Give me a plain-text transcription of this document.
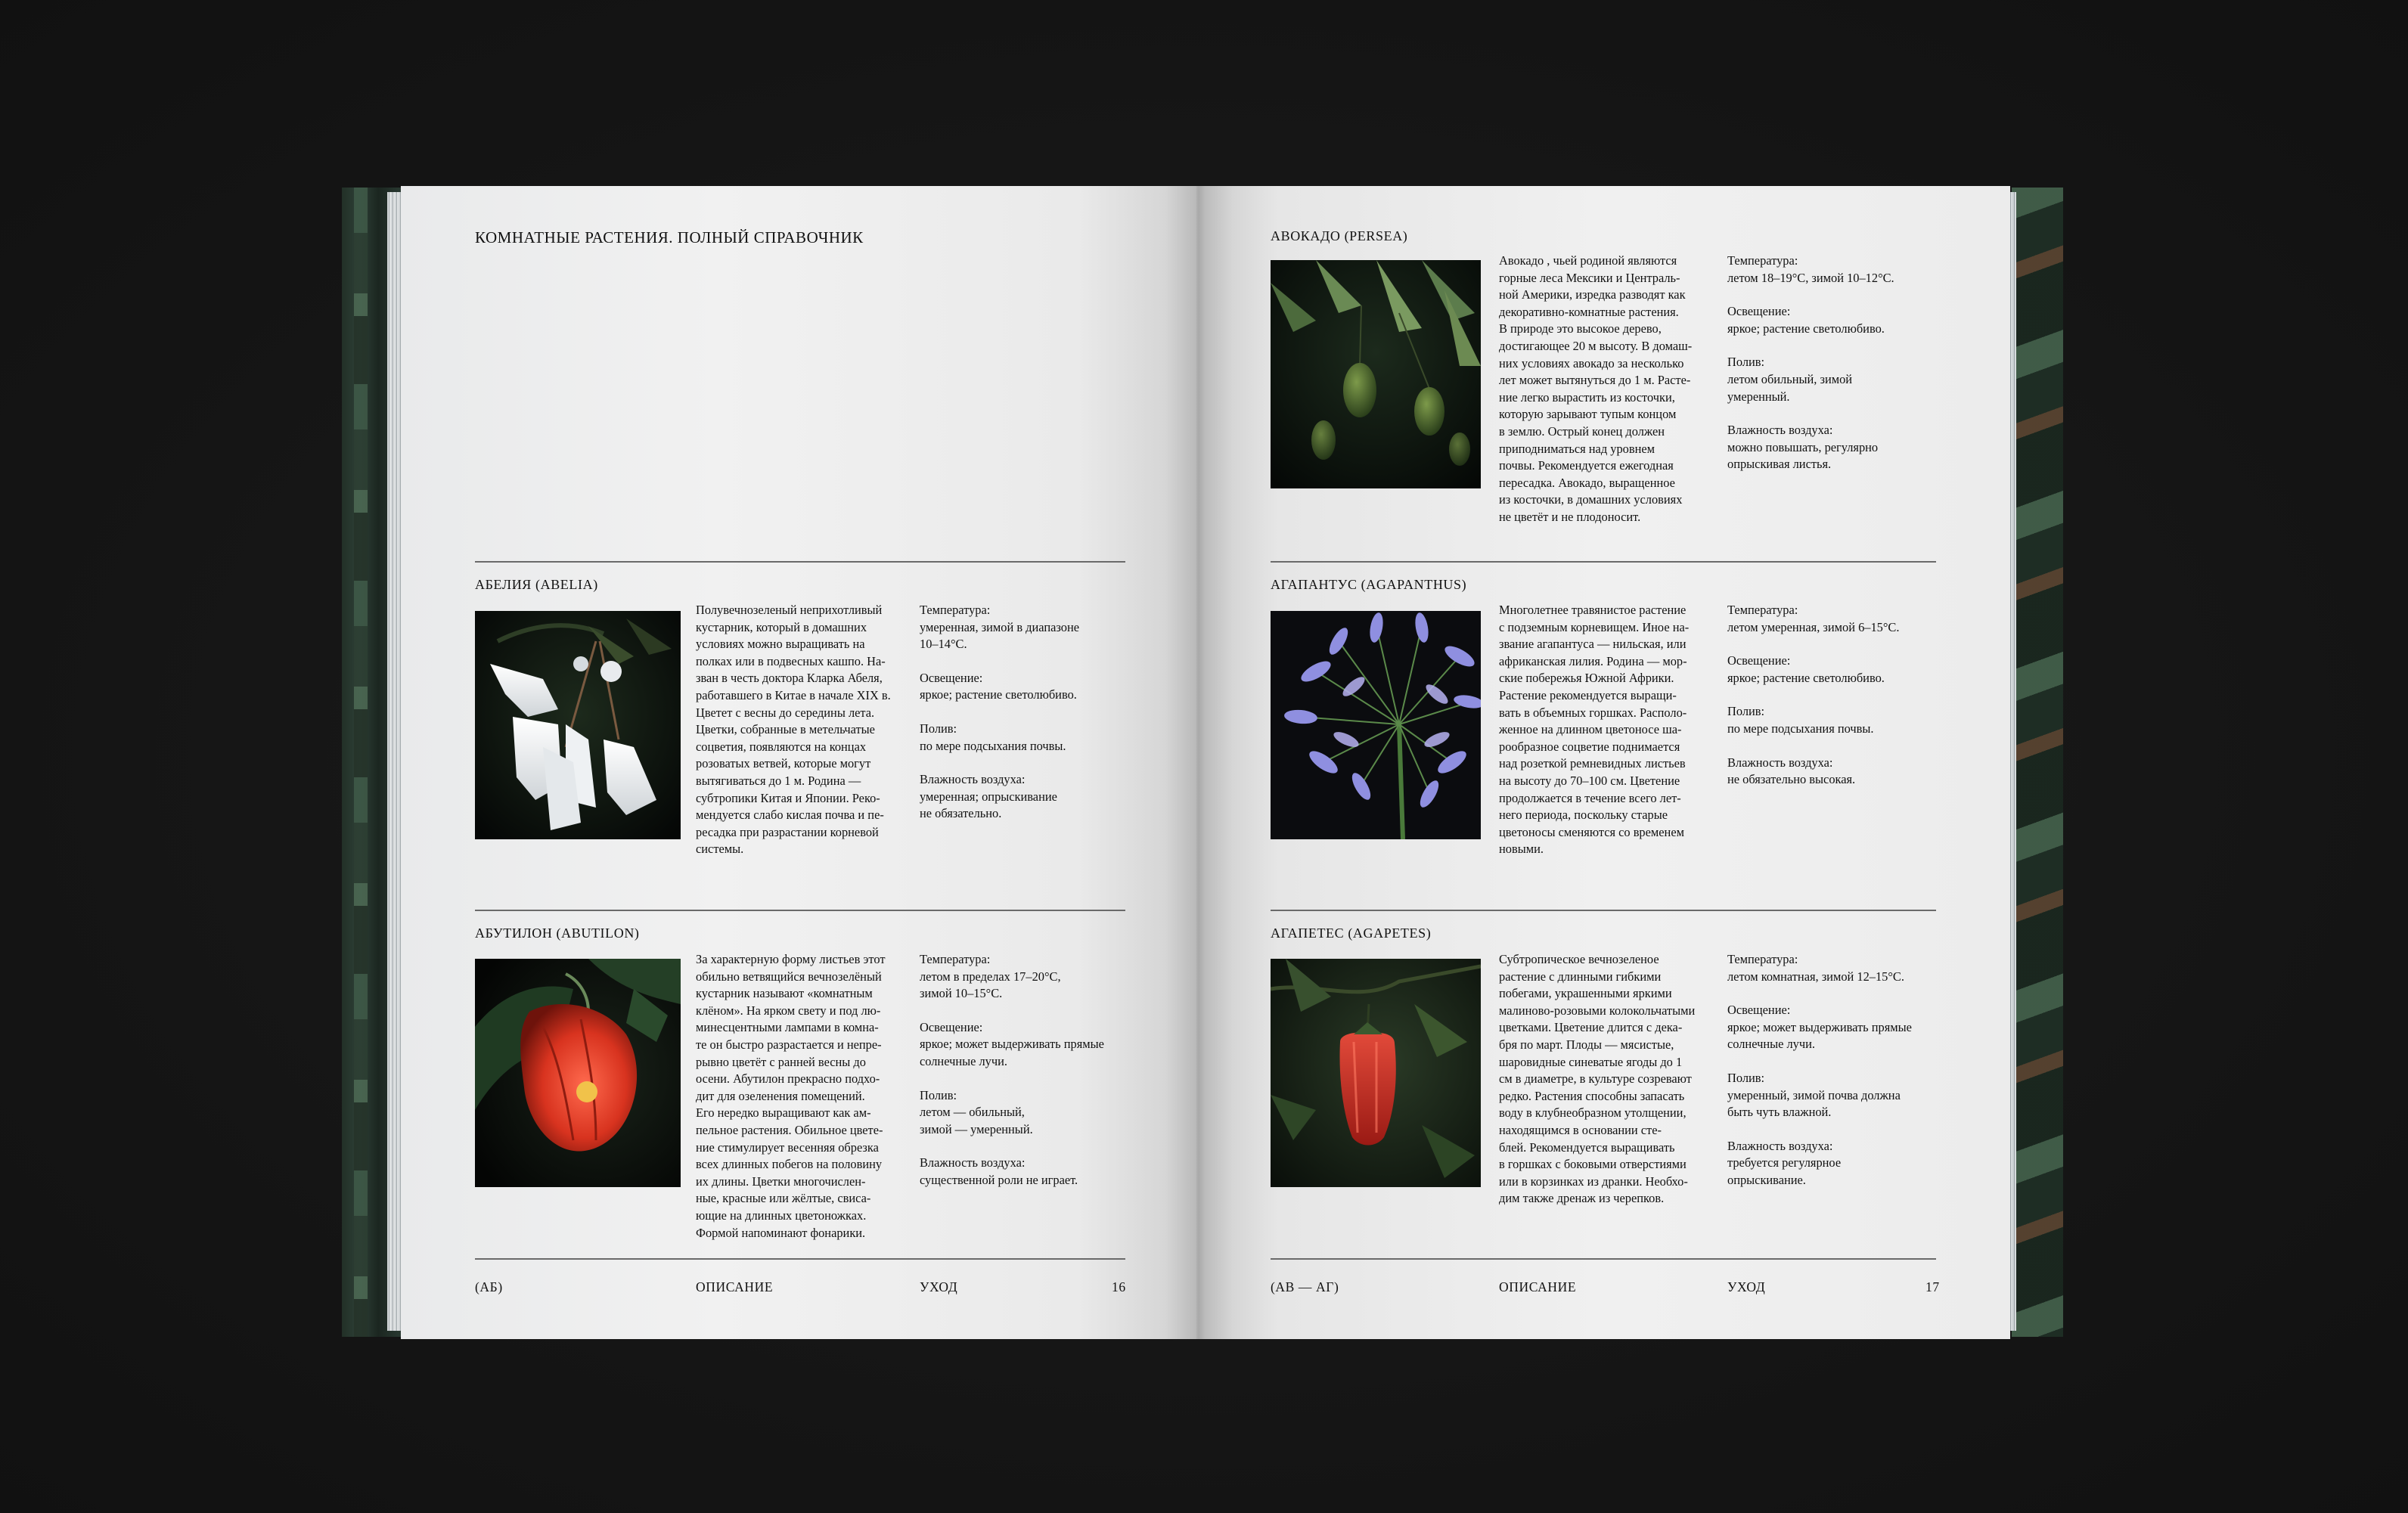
КОМНАТНЫЕ РАСТЕНИЯ. ПОЛНЫЙ СПРАВОЧНИК
АБЕЛИЯ (ABELIA)
Полувечнозеленый неприхотливый
кустарник, который в домашних
условиях можно выращивать на
полках или в подвесных кашпо. На-
зван в честь доктора Кларка Абеля,
работавшего в Китае в начале XIX в.
Цветет с весны до середины лета.
Цветки, собранные в метельчатые
соцветия, появляются на концах
розоватых ветвей, которые могут
вытягиваться до 1 м. Родина —
субтропики Китая и Японии. Реко-
мендуется слабо кислая почва и пе-
ресадка при разрастании корневой
системы.
Температура:
умеренная, зимой в диапазоне
10–14°С.
Освещение:
яркое; растение светолюбиво.
Полив:
по мере подсыхания почвы.
Влажность воздуха:
умеренная; опрыскивание
не обязательно.
АБУТИЛОН (ABUTILON)
За характерную форму листьев этот
обильно ветвящийся вечнозелёный
кустарник называют «комнатным
клёном». На ярком свету и под лю-
минесцентными лампами в комна-
те он быстро разрастается и непре-
рывно цветёт с ранней весны до
осени. Абутилон прекрасно подхо-
дит для озеленения помещений.
Его нередко выращивают как ам-
пельное растения. Обильное цвете-
ние стимулирует весенняя обрезка
всех длинных побегов на половину
их длины. Цветки многочислен-
ные, красные или жёлтые, свиса-
ющие на длинных цветоножках.
Формой напоминают фонарики.
Температура:
летом в пределах 17–20°С,
зимой 10–15°С.
Освещение:
яркое; может выдерживать прямые
солнечные лучи.
Полив:
летом — обильный,
зимой — умеренный.
Влажность воздуха:
существенной роли не играет.
(АБ)	ОПИСАНИЕ	УХОД	16
АВОКАДО (PERSEA)
Авокадо , чьей родиной являются
горные леса Мексики и Централь-
ной Америки, изредка разводят как
декоративно-комнатные растения.
В природе это высокое дерево,
достигающее 20 м высоту. В домаш-
них условиях авокадо за несколько
лет может вытянуться до 1 м. Расте-
ние легко вырастить из косточки,
которую зарывают тупым концом
в землю. Острый конец должен
приподниматься над уровнем
почвы. Рекомендуется ежегодная
пересадка. Авокадо, выращенное
из косточки, в домашних условиях
не цветёт и не плодоносит.
Температура:
летом 18–19°С, зимой 10–12°С.
Освещение:
яркое; растение светолюбиво.
Полив:
летом обильный, зимой
умеренный.
Влажность воздуха:
можно повышать, регулярно
опрыскивая листья.
АГАПАНТУС (AGAPANTHUS)
Многолетнее травянистое растение
с подземным корневищем. Иное на-
звание агапантуса — нильская, или
африканская лилия. Родина — мор-
ские побережья Южной Африки.
Растение рекомендуется выращи-
вать в объемных горшках. Располо-
женное на длинном цветоносе ша-
рообразное соцветие поднимается
над розеткой ремневидных листьев
на высоту до 70–100 см. Цветение
продолжается в течение всего лет-
него периода, поскольку старые
цветоносы сменяются со временем
новыми.
Температура:
летом умеренная, зимой 6–15°С.
Освещение:
яркое; растение светолюбиво.
Полив:
по мере подсыхания почвы.
Влажность воздуха:
не обязательно высокая.
АГАПЕТЕС (AGAPETES)
Субтропическое вечнозеленое
растение с длинными гибкими
побегами, украшенными яркими
малиново-розовыми колокольчатыми
цветками. Цветение длится с дека-
бря по март. Плоды — мясистые,
шаровидные синеватые ягоды до 1
см в диаметре, в культуре созревают
редко. Растения способны запасать
воду в клубнеобразном утолщении,
находящимся в основании сте-
блей. Рекомендуется выращивать
в горшках с боковыми отверстиями
или в корзинках из дранки. Необхо-
дим также дренаж из черепков.
Температура:
летом комнатная, зимой 12–15°С.
Освещение:
яркое; может выдерживать прямые
солнечные лучи.
Полив:
умеренный, зимой почва должна
быть чуть влажной.
Влажность воздуха:
требуется регулярное
опрыскивание.
(АВ — АГ)	ОПИСАНИЕ	УХОД	17
